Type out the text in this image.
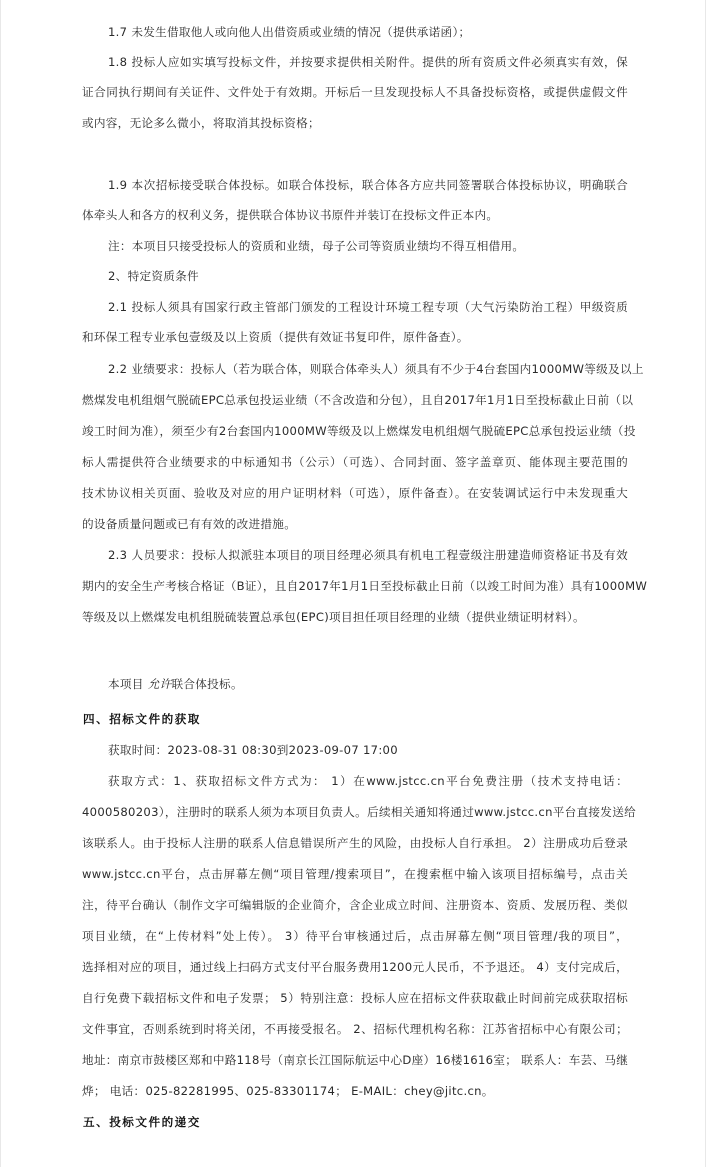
1.7 未发生借取他人或向他人出借资质或业绩的情况（提供承诺函）；
1.8 投标人应如实填写投标文件，并按要求提供相关附件。提供的所有资质文件必须真实有效，保
证合同执行期间有关证件、文件处于有效期。开标后一旦发现投标人不具备投标资格，或提供虚假文件
或内容，无论多么微小，将取消其投标资格；
1.9 本次招标接受联合体投标。如联合体投标，联合体各方应共同签署联合体投标协议，明确联合
体牵头人和各方的权利义务，提供联合体协议书原件并装订在投标文件正本内。
注：本项目只接受投标人的资质和业绩，母子公司等资质业绩均不得互相借用。
2、特定资质条件
2.1 投标人须具有国家行政主管部门颁发的工程设计环境工程专项（大气污染防治工程）甲级资质
和环保工程专业承包壹级及以上资质（提供有效证书复印件，原件备查）。
2.2 业绩要求：投标人（若为联合体，则联合体牵头人）须具有不少于4台套国内1000MW等级及以上
燃煤发电机组烟气脱硫EPC总承包投运业绩（不含改造和分包），且自2017年1月1日至投标截止日前（以
竣工时间为准），须至少有2台套国内1000MW等级及以上燃煤发电机组烟气脱硫EPC总承包投运业绩（投
标人需提供符合业绩要求的中标通知书（公示）（可选）、合同封面、签字盖章页、能体现主要范围的
技术协议相关页面、验收及对应的用户证明材料（可选），原件备查）。在安装调试运行中未发现重大
的设备质量问题或已有有效的改进措施。
2.3 人员要求：投标人拟派驻本项目的项目经理必须具有机电工程壹级注册建造师资格证书及有效
期内的安全生产考核合格证（B证），且自2017年1月1日至投标截止日前（以竣工时间为准）具有1000MW
等级及以上燃煤发电机组脱硫装置总承包(EPC)项目担任项目经理的业绩（提供业绩证明材料）。
本项目 允许联合体投标。
四、招标文件的获取
获取时间：2023-08-31 08:30到2023-09-07 17:00
获取方式：1、获取招标文件方式为： 1）在www.jstcc.cn平台免费注册（技术支持电话：
4000580203），注册时的联系人须为本项目负责人。后续相关通知将通过www.jstcc.cn平台直接发送给
该联系人。由于投标人注册的联系人信息错误所产生的风险，由投标人自行承担。 2）注册成功后登录
www.jstcc.cn平台，点击屏幕左侧“项目管理/搜索项目”，在搜索框中输入该项目招标编号，点击关
注，待平台确认（制作文字可编辑版的企业简介，含企业成立时间、注册资本、资质、发展历程、类似
项目业绩，在“上传材料”处上传）。 3）待平台审核通过后，点击屏幕左侧“项目管理/我的项目”，
选择相对应的项目，通过线上扫码方式支付平台服务费用1200元人民币，不予退还。 4）支付完成后，
自行免费下载招标文件和电子发票； 5）特别注意：投标人应在招标文件获取截止时间前完成获取招标
文件事宜，否则系统到时将关闭，不再接受报名。 2、招标代理机构名称：江苏省招标中心有限公司；
地址：南京市鼓楼区郑和中路118号（南京长江国际航运中心D座）16楼1616室； 联系人：车芸、马继
烨； 电话：025-82281995、025-83301174； E-MAIL：chey@jitc.cn。
五、投标文件的递交
